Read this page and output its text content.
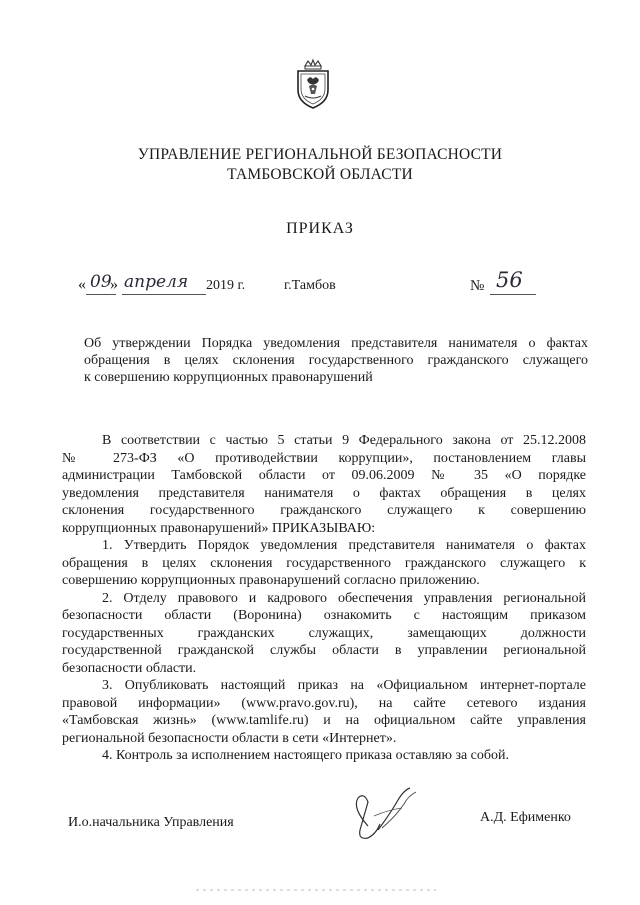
УПРАВЛЕНИЕ РЕГИОНАЛЬНОЙ БЕЗОПАСНОСТИ
ТАМБОВСКОЙ ОБЛАСТИ
ПРИКАЗ
« 09
» апреля 2019 г.	г.Тамбов	№ 56
Об утверждении Порядка уведомления представителя нанимателя о фактах
обращения в целях склонения государственного гражданского служащего
к совершению коррупционных правонарушений
В соответствии с частью 5 статьи 9 Федерального закона от 25.12.2008
№ 273-ФЗ «О противодействии коррупции», постановлением главы
администрации Тамбовской области от 09.06.2009 № 35 «О порядке
уведомления представителя нанимателя о фактах обращения в целях
склонения государственного гражданского служащего к совершению
коррупционных правонарушений» ПРИКАЗЫВАЮ:
1. Утвердить Порядок уведомления представителя нанимателя о фактах
обращения в целях склонения государственного гражданского служащего к
совершению коррупционных правонарушений согласно приложению.
2. Отделу правового и кадрового обеспечения управления региональной
безопасности области (Воронина) ознакомить с настоящим приказом
государственных гражданских служащих, замещающих должности
государственной гражданской службы области в управлении региональной
безопасности области.
3. Опубликовать настоящий приказ на «Официальном интернет-портале
правовой информации» (www.pravo.gov.ru), на сайте сетевого издания
«Тамбовская жизнь» (www.tamlife.ru) и на официальном сайте управления
региональной безопасности области в сети «Интернет».
4. Контроль за исполнением настоящего приказа оставляю за собой.
И.о.начальника Управления	А.Д. Ефименко
